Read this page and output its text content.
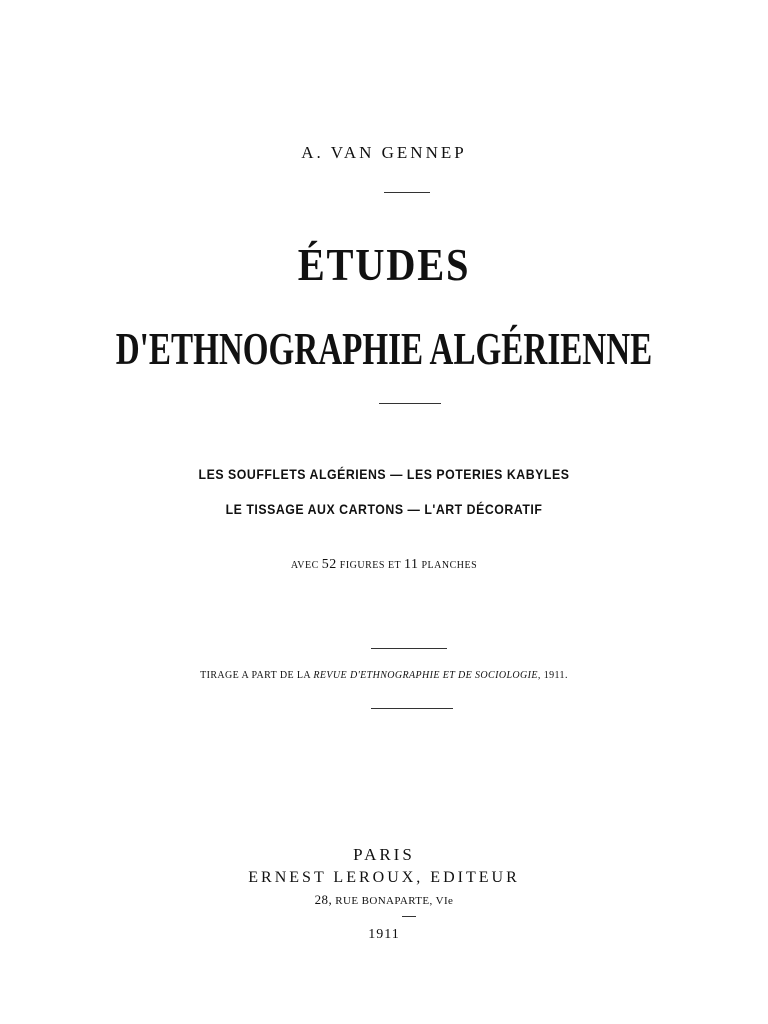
A. VAN GENNEP
ÉTUDES
D'ETHNOGRAPHIE ALGÉRIENNE
LES SOUFFLETS ALGÉRIENS — LES POTERIES KABYLES
LE TISSAGE AUX CARTONS — L'ART DÉCORATIF
AVEC 52 FIGURES ET 11 PLANCHES
TIRAGE A PART DE LA REVUE D'ETHNOGRAPHIE ET DE SOCIOLOGIE, 1911.
PARIS
ERNEST LEROUX, EDITEUR
28, RUE BONAPARTE, VIe
1911
